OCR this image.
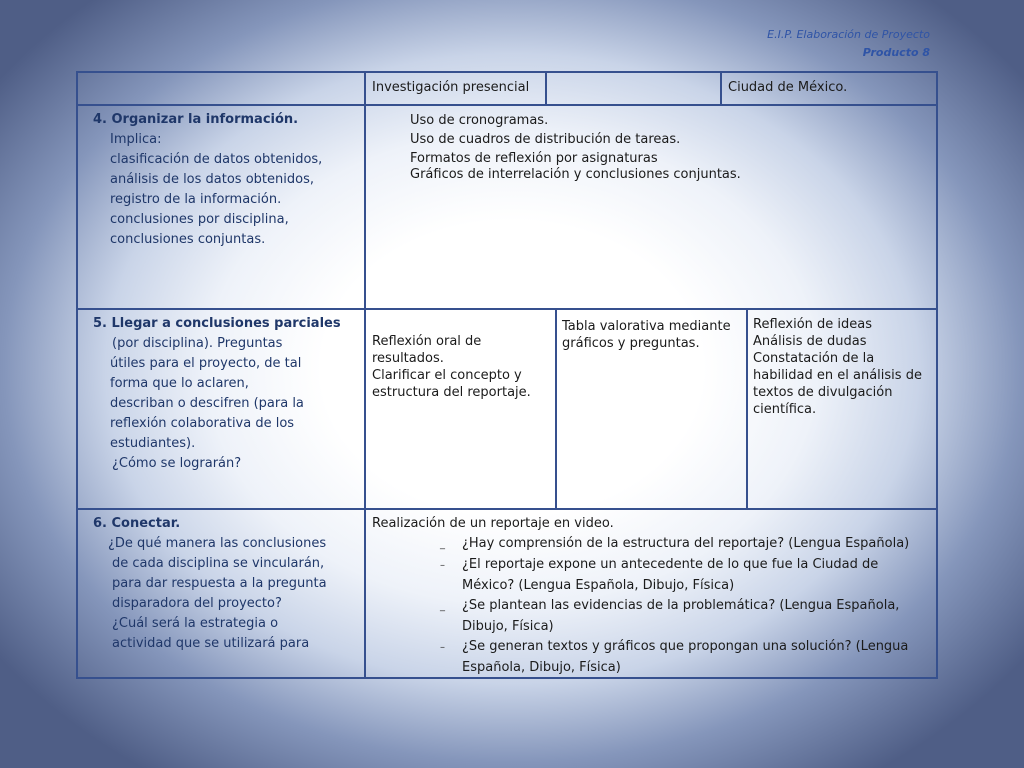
E.I.P. Elaboración de Proyecto
Producto 8
Investigación presencial	Ciudad de México.
4. Organizar la información.
Implica:
clasificación de datos obtenidos,
análisis de los datos obtenidos,
registro de la información.
conclusiones por disciplina,
conclusiones conjuntas.
Uso de cronogramas.
Uso de cuadros de distribución de tareas.
Formatos de reflexión por asignaturas
Gráficos de interrelación y conclusiones conjuntas.
5. Llegar a conclusiones parciales
(por disciplina). Preguntas
útiles para el proyecto, de tal
forma que lo aclaren,
describan o descifren (para la
reflexión colaborativa de los
estudiantes).
¿Cómo se lograrán?
Reflexión oral de
resultados.
Clarificar el concepto y
estructura del reportaje.
Tabla valorativa mediante
gráficos y preguntas.
Reflexión de ideas
Análisis de dudas
Constatación de la
habilidad en el análisis de
textos de divulgación
científica.
6. Conectar.
¿De qué manera las conclusiones
de cada disciplina se vincularán,
para dar respuesta a la pregunta
disparadora del proyecto?
¿Cuál será la estrategia o
actividad que se utilizará para
Realización de un reportaje en video.
_ ¿Hay comprensión de la estructura del reportaje? (Lengua Española)
– ¿El reportaje expone un antecedente de lo que fue la Ciudad de
México? (Lengua Española, Dibujo, Física)
_ ¿Se plantean las evidencias de la problemática? (Lengua Española,
Dibujo, Física)
– ¿Se generan textos y gráficos que propongan una solución? (Lengua
Española, Dibujo, Física)
